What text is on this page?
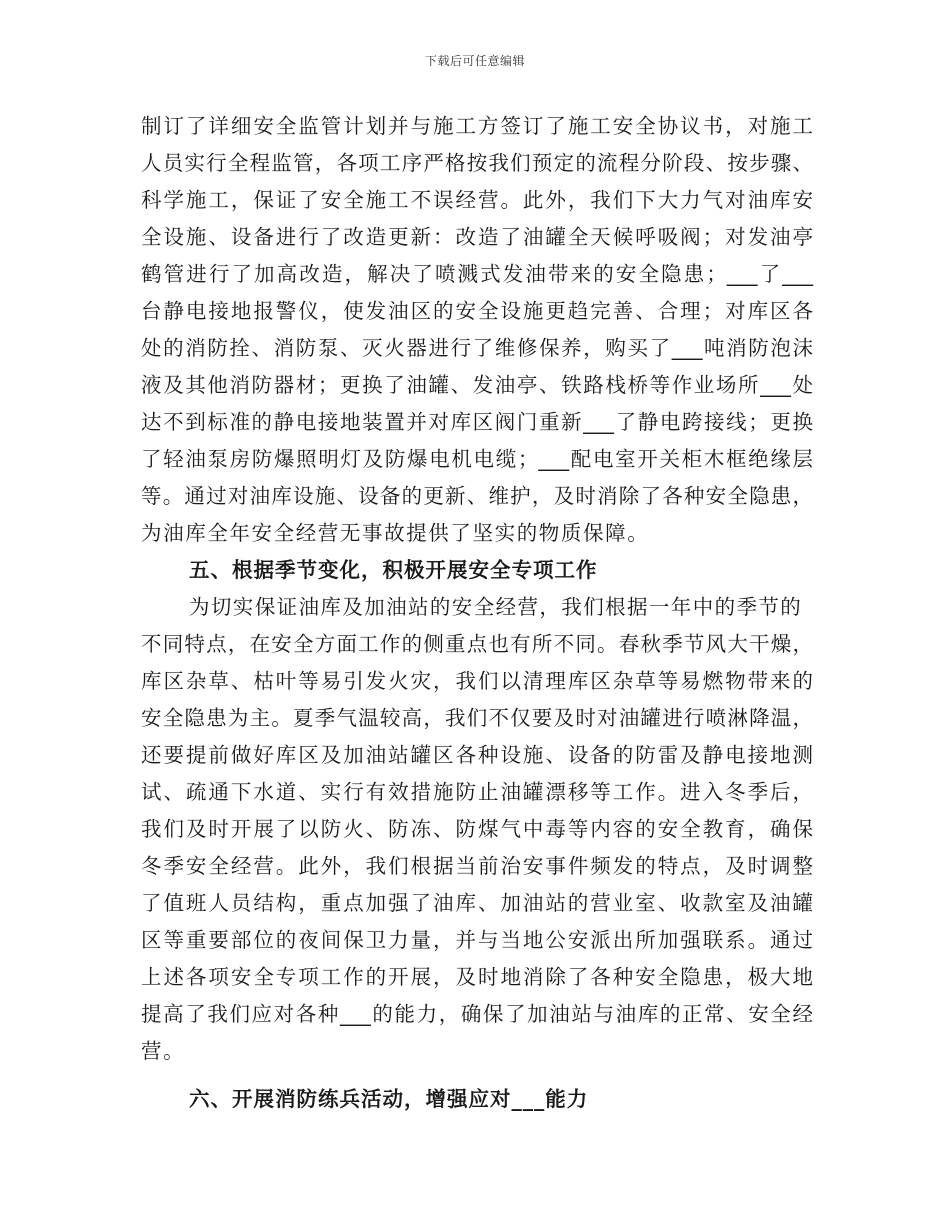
下载后可任意编辑
制订了详细安全监管计划并与施工方签订了施工安全协议书，对施工
人员实行全程监管，各项工序严格按我们预定的流程分阶段、按步骤、
科学施工，保证了安全施工不误经营。此外，我们下大力气对油库安
全设施、设备进行了改造更新：改造了油罐全天候呼吸阀；对发油亭
鹤管进行了加高改造，解决了喷溅式发油带来的安全隐患；___了___
台静电接地报警仪，使发油区的安全设施更趋完善、合理；对库区各
处的消防拴、消防泵、灭火器进行了维修保养，购买了___吨消防泡沫
液及其他消防器材；更换了油罐、发油亭、铁路栈桥等作业场所___处
达不到标准的静电接地装置并对库区阀门重新___了静电跨接线；更换
了轻油泵房防爆照明灯及防爆电机电缆；___配电室开关柜木框绝缘层
等。通过对油库设施、设备的更新、维护，及时消除了各种安全隐患，
为油库全年安全经营无事故提供了坚实的物质保障。
五、根据季节变化，积极开展安全专项工作
为切实保证油库及加油站的安全经营，我们根据一年中的季节的
不同特点，在安全方面工作的侧重点也有所不同。春秋季节风大干燥，
库区杂草、枯叶等易引发火灾，我们以清理库区杂草等易燃物带来的
安全隐患为主。夏季气温较高，我们不仅要及时对油罐进行喷淋降温，
还要提前做好库区及加油站罐区各种设施、设备的防雷及静电接地测
试、疏通下水道、实行有效措施防止油罐漂移等工作。进入冬季后，
我们及时开展了以防火、防冻、防煤气中毒等内容的安全教育，确保
冬季安全经营。此外，我们根据当前治安事件频发的特点，及时调整
了值班人员结构，重点加强了油库、加油站的营业室、收款室及油罐
区等重要部位的夜间保卫力量，并与当地公安派出所加强联系。通过
上述各项安全专项工作的开展，及时地消除了各种安全隐患，极大地
提高了我们应对各种___的能力，确保了加油站与油库的正常、安全经
营。
六、开展消防练兵活动，增强应对___能力
